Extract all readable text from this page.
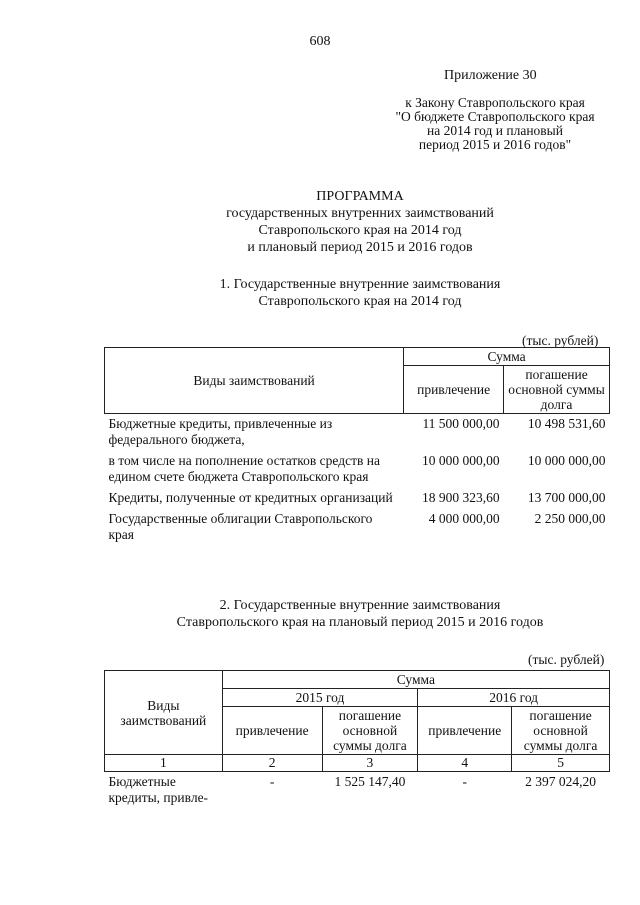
608
Приложение 30
к Закону Ставропольского края
"О бюджете Ставропольского края
на 2014 год и плановый
период 2015 и 2016 годов"
ПРОГРАММА
государственных внутренних заимствований
Ставропольского края на 2014 год
и плановый период 2015 и 2016 годов
1. Государственные внутренние заимствования
Ставропольского края на 2014 год
(тыс. рублей)
Виды заимствований	Сумма	
	привлечение	погашение основной суммы долга
Бюджетные кредиты, привлеченные из федерального бюджета,	11 500 000,00	10 498 531,60
в том числе на пополнение остатков средств на едином счете бюджета Ставропольского края	10 000 000,00	10 000 000,00
Кредиты, полученные от кредитных организаций	18 900 323,60	13 700 000,00
Государственные облигации Ставропольского края	4 000 000,00	2 250 000,00
2. Государственные внутренние заимствования
Ставропольского края на плановый период 2015 и 2016 годов
(тыс. рублей)
Виды заимствований	Сумма			
	2015 год		2016 год	
	привлечение	погашение основной суммы долга	привлечение	погашение основной суммы долга
1	2	3	4	5
Бюджетные кредиты, привле-	-	1 525 147,40	-	2 397 024,20
